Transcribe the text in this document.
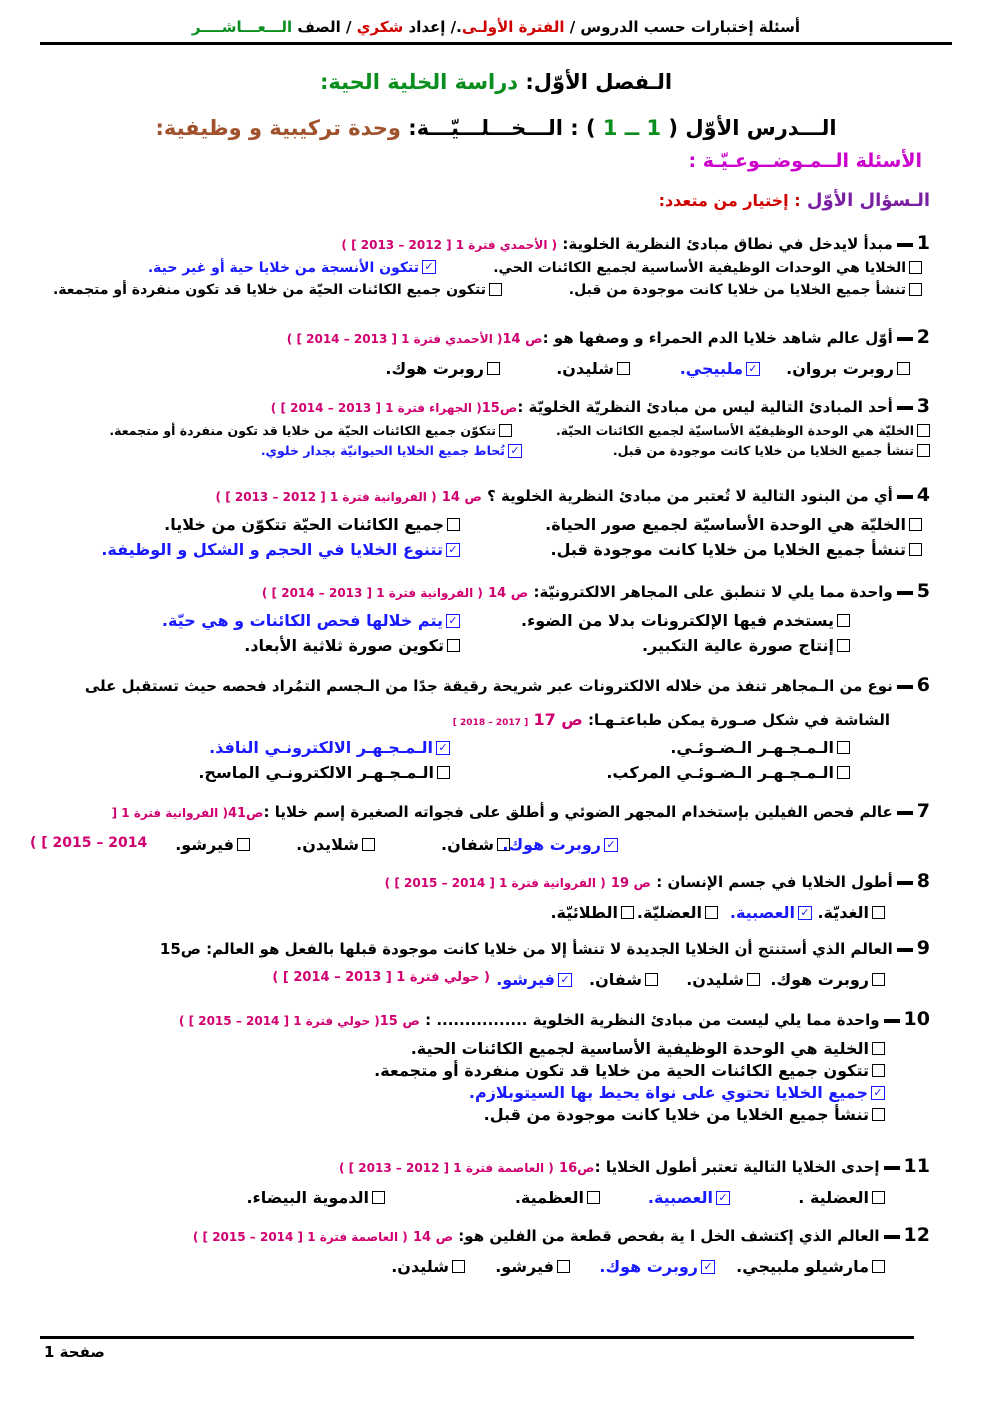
أسئلة إختبارات حسب الدروس / الفترة الأولـى./ إعداد شكري / الصف الـــعـــاشــــر
الـفصل الأوّل: دراسة الخلية الحية:
الـــدرس الأوّل ( 1 ــ 1 ) : الـــخـــلـــيّـــة: وحدة تركيبية و وظيفية:
الأسئلة الــمـوضــوعـيّـة :
الـسؤال الأوّل : إختيار من متعدد:
1مبدأ لايدخل في نطاق مبادئ النظرية الخلوية: ( الأحمدي فترة 1 [ 2012 – 2013 ] )
الخلايا هي الوحدات الوظيفية الأساسية لجميع الكائنات الحي.
✓تتكون الأنسجة من خلايا حية أو غير حية.
تنشأ جميع الخلايا من خلايا كانت موجودة من قبل.
تتكون جميع الكائنات الحيّة من خلايا قد تكون منفردة أو متجمعة.
2أوّل عالم شاهد خلايا الدم الحمراء و وصفها هو :ص 14( الأحمدي فترة 1 [ 2013 – 2014 ] )
روبرت بروان.
✓ملبيجي.
شليدن.
روبرت هوك.
3أحد المبادئ التالية ليس من مبادئ النظريّة الخلويّة :ص15( الجهراء فترة 1 [ 2013 – 2014 ] )
الخليّة هي الوحدة الوظيفيّة الأساسيّة لجميع الكائنات الحيّة.
تتكوّن جميع الكائنات الحيّة من خلايا قد تكون منفردة أو متجمعة.
تنشأ جميع الخلايا من خلايا كانت موجودة من قبل.
✓تُحاط جميع الخلايا الحيوانيّة بجدار خلوي.
4أي من البنود التالية لا تُعتبر من مبادئ النظرية الخلوية ؟ ص 14 ( الفروانية فترة 1 [ 2012 – 2013 ] )
الخليّة هي الوحدة الأساسيّة لجميع صور الحياة.
جميع الكائنات الحيّة تتكوّن من خلايا.
تنشأ جميع الخلايا من خلايا كانت موجودة قبل.
✓تتنوع الخلايا في الحجم و الشكل و الوظيفة.
5واحدة مما يلي لا تنطبق على المجاهر الالكترونيّة: ص 14 ( الفروانية فترة 1 [ 2013 – 2014 ] )
يستخدم فيها الإلكترونات بدلا من الضوء.
✓يتم خلالها فحص الكائنات و هي حيّة.
إنتاج صورة عالية التكبير.
تكوين صورة ثلاثية الأبعاد.
6نوع من الـمجاهر تنفذ من خلاله الالكترونات عبر شريحة رقيقة جدًا من الـجسم التمُراد فحصه حيث تستقبل على
الشاشة في شكل صـورة يمكن طباعتـهـا: ص 17 [ 2017 – 2018 ]
الـمـجـهـر الـضـوئـي.
✓الـمـجـهـر الالكترونـي النافذ.
الـمـجـهـر الـضـوئـي المركب.
الـمـجـهـر الالكترونـي الماسح.
7عالم فحص الفيلين بإستخدام المجهر الضوئي و أطلق على فجواته الصغيرة إسم خلايا :ص41( الفروانية فترة 1 [
2014 – 2015 ] )	✓روبرت هوك.
شفان.
شلايدن.
فيرشو.
8أطول الخلايا في جسم الإنسان : ص 19 ( الفروانية فترة 1 [ 2014 – 2015 ] )
الغديّة.
✓العصبية.
العضليّة.
الطلائيّة.
9العالم الذي أستنتج أن الخلايا الجديدة لا تنشأ إلا من خلايا كانت موجودة قبلها بالفعل هو العالم: ص15
روبرت هوك.
شليدن.
شفان.
✓فيرشو.
( حولي فترة 1 [ 2013 – 2014 ] )
10واحدة مما يلي ليست من مبادئ النظرية الخلوية ................ : ص 15( حولي فترة 1 [ 2014 – 2015 ] )
الخلية هي الوحدة الوظيفية الأساسية لجميع الكائنات الحية.
تتكون جميع الكائنات الحية من خلايا قد تكون منفردة أو متجمعة.
✓جميع الخلايا تحتوي على نواة يحيط بها السيتوبلازم.
تنشأ جميع الخلايا من خلايا كانت موجودة من قبل.
11إحدى الخلايا التالية تعتبر أطول الخلايا :ص16 ( العاصمة فترة 1 [ 2012 – 2013 ] )
العضلية .
✓العصبية.
العظمية.
الدموية البيضاء.
12العالم الذي إكتشف الخل ا ية بفحص قطعة من الفلين هو: ص 14 ( العاصمة فترة 1 [ 2014 – 2015 ] )
مارشيلو ملبيجي.
✓روبرت هوك.
فيرشو.
شليدن.
صفحة 1
